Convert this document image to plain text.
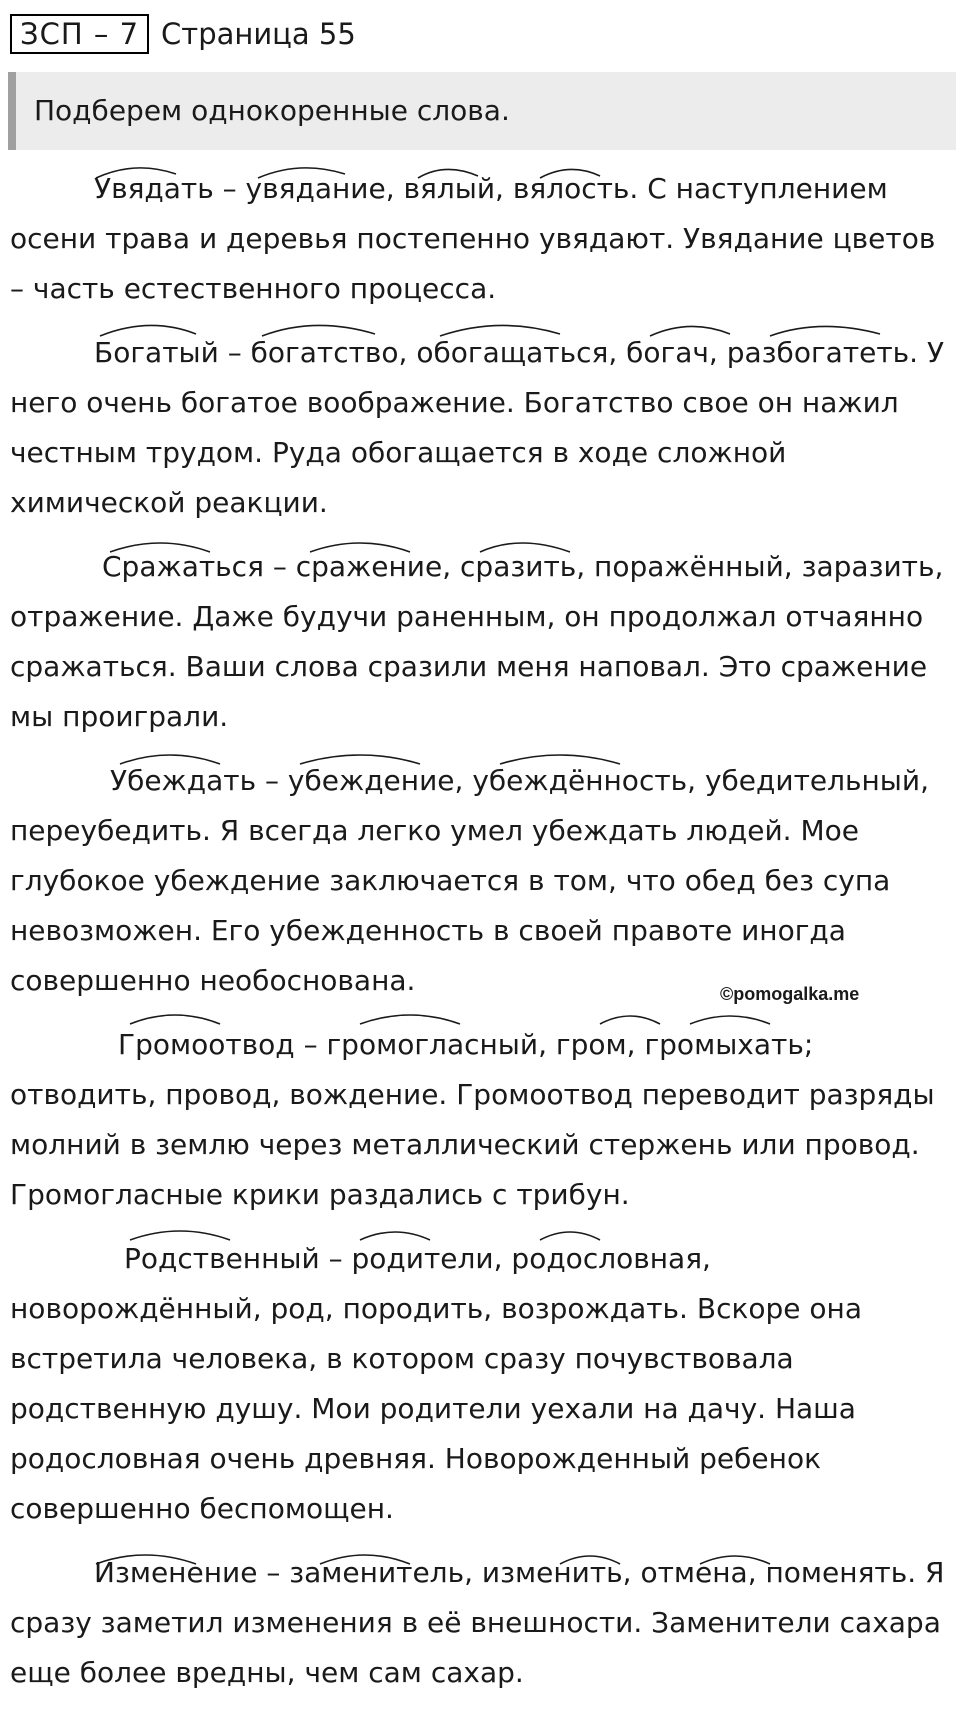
ЗСП – 7 Страница 55
Подберем однокоренные слова.

Увядать – увядание, вялый, вялость. С наступлением осени трава и деревья постепенно увядают. Увядание цветов – часть естественного процесса.

Богатый – богатство, обогащаться, богач, разбогатеть. У него очень богатое воображение. Богатство свое он нажил честным трудом. Руда обогащается в ходе сложной химической реакции.

Сражаться – сражение, сразить, поражённый, заразить, отражение. Даже будучи раненным, он продолжал отчаянно сражаться. Ваши слова сразили меня наповал. Это сражение мы проиграли.

Убеждать – убеждение, убеждённость, убедительный, переубедить. Я всегда легко умел убеждать людей. Мое глубокое убеждение заключается в том, что обед без супа невозможен. Его убежденность в своей правоте иногда совершенно необоснована.

Громоотвод – громогласный, гром, громыхать; отводить, провод, вождение. Громоотвод переводит разряды молний в землю через металлический стержень или провод. Громогласные крики раздались с трибун.

Родственный – родители, родословная, новорождённый, род, породить, возрождать. Вскоре она встретила человека, в котором сразу почувствовала родственную душу. Мои родители уехали на дачу. Наша родословная очень древняя. Новорожденный ребенок совершенно беспомощен.

Изменение – заменитель, изменить, отмена, поменять. Я сразу заметил изменения в её внешности. Заменители сахара еще более вредны, чем сам сахар.

©pomogalka.me
